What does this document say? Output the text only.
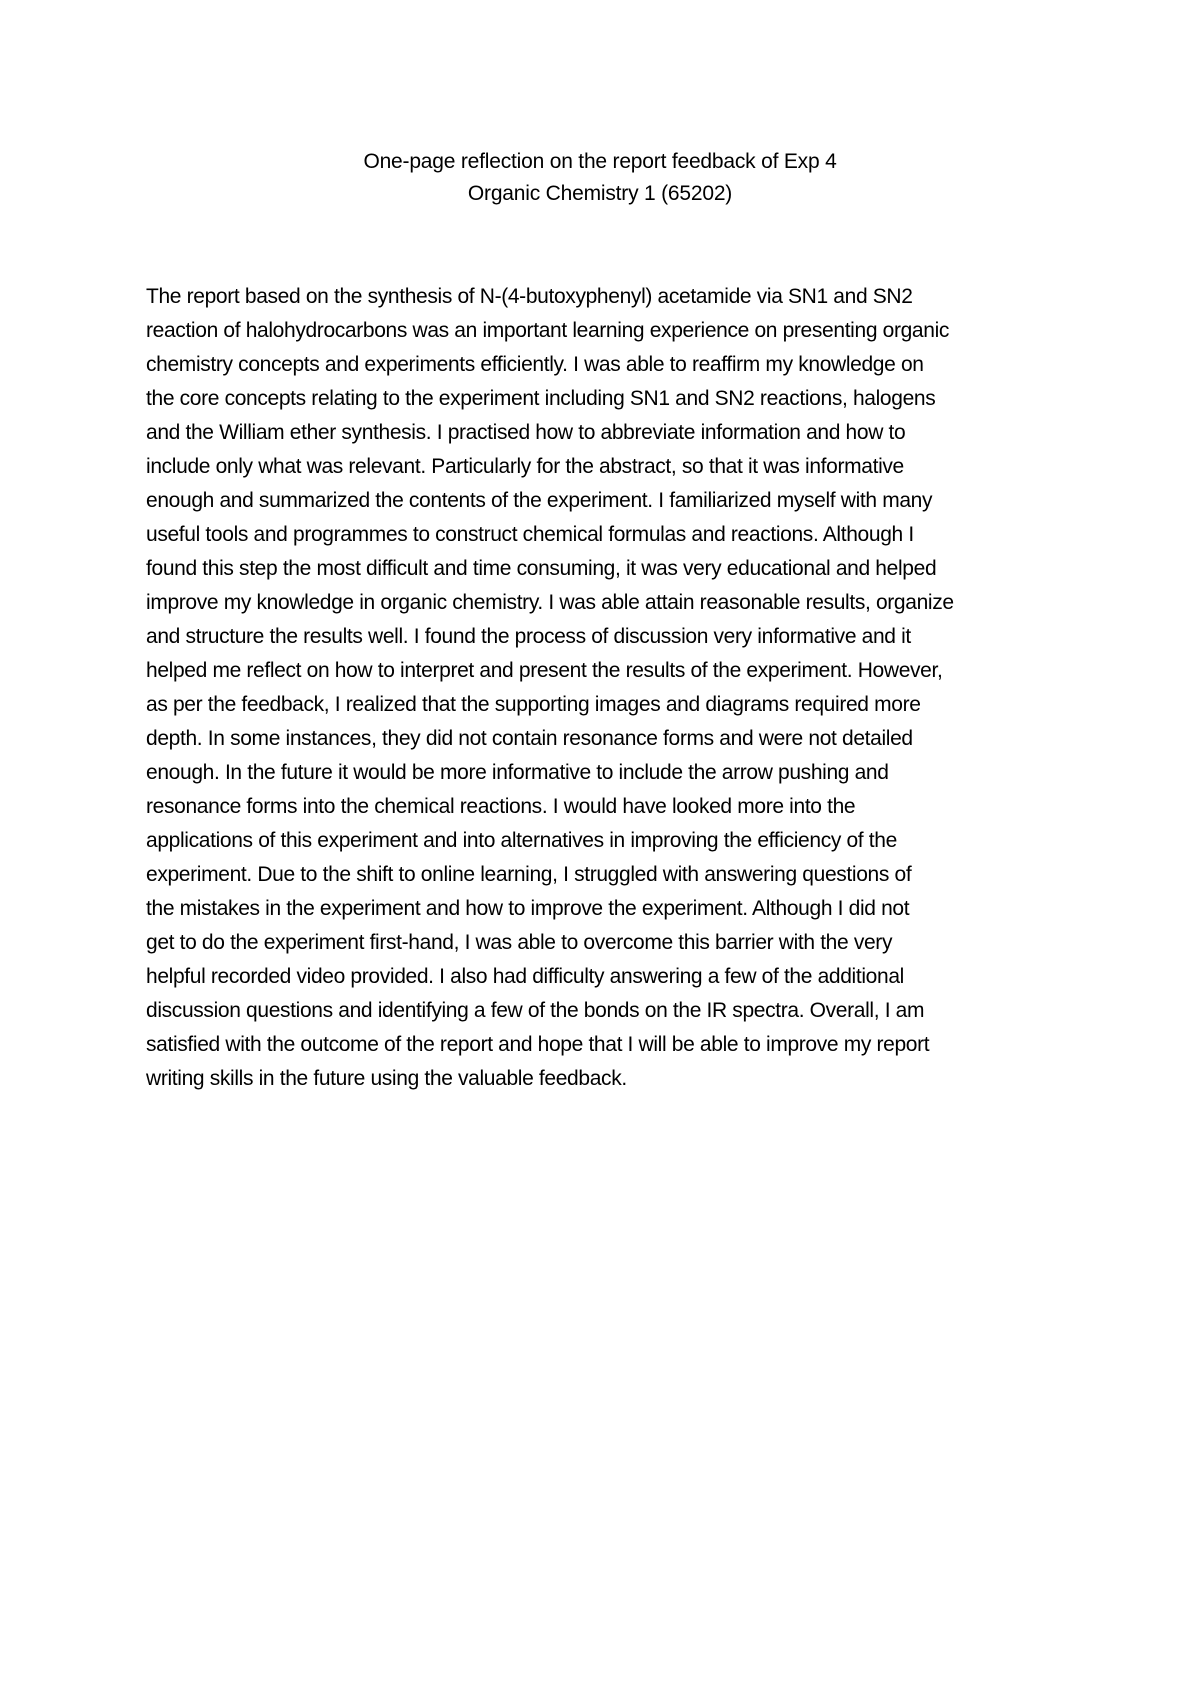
One-page reflection on the report feedback of Exp 4
Organic Chemistry 1 (65202)
The report based on the synthesis of N-(4-butoxyphenyl) acetamide via SN1 and SN2
reaction of halohydrocarbons was an important learning experience on presenting organic
chemistry concepts and experiments efficiently. I was able to reaffirm my knowledge on
the core concepts relating to the experiment including SN1 and SN2 reactions, halogens
and the William ether synthesis. I practised how to abbreviate information and how to
include only what was relevant. Particularly for the abstract, so that it was informative
enough and summarized the contents of the experiment. I familiarized myself with many
useful tools and programmes to construct chemical formulas and reactions. Although I
found this step the most difficult and time consuming, it was very educational and helped
improve my knowledge in organic chemistry. I was able attain reasonable results, organize
and structure the results well. I found the process of discussion very informative and it
helped me reflect on how to interpret and present the results of the experiment. However,
as per the feedback, I realized that the supporting images and diagrams required more
depth. In some instances, they did not contain resonance forms and were not detailed
enough. In the future it would be more informative to include the arrow pushing and
resonance forms into the chemical reactions. I would have looked more into the
applications of this experiment and into alternatives in improving the efficiency of the
experiment. Due to the shift to online learning, I struggled with answering questions of
the mistakes in the experiment and how to improve the experiment. Although I did not
get to do the experiment first-hand, I was able to overcome this barrier with the very
helpful recorded video provided. I also had difficulty answering a few of the additional
discussion questions and identifying a few of the bonds on the IR spectra. Overall, I am
satisfied with the outcome of the report and hope that I will be able to improve my report
writing skills in the future using the valuable feedback.
